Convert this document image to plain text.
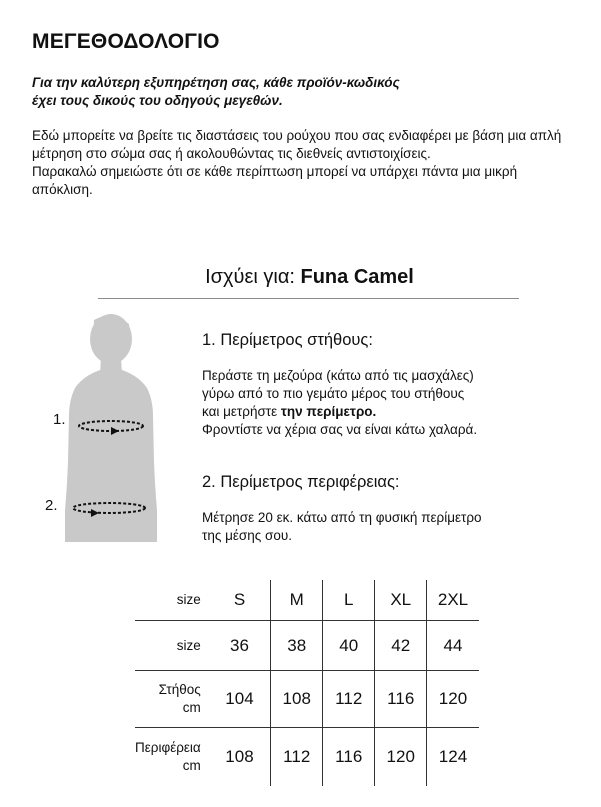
ΜΕΓΕΘΟΔΟΛΟΓΙΟ
Για την καλύτερη εξυπηρέτηση σας, κάθε προϊόν-κωδικός
έχει τους δικούς του οδηγούς μεγεθών.

Εδώ μπορείτε να βρείτε τις διαστάσεις του ρούχου που σας ενδιαφέρει με βάση μια απλή μέτρηση στο σώμα σας ή ακολουθώντας τις διεθνείς αντιστοιχίσεις.

Παρακαλώ σημειώστε ότι σε κάθε περίπτωση μπορεί να υπάρχει πάντα μια μικρή απόκλιση.

Ισχύει για: Funa Camel
1.
2.
1. Περίμετρος στήθους:
Περάστε τη μεζούρα (κάτω από τις μασχάλες)
γύρω από το πιο γεμάτο μέρος του στήθους
και μετρήστε την περίμετρο.
Φροντίστε να χέρια σας να είναι κάτω χαλαρά.
2. Περίμετρος περιφέρειας:
Μέτρησε 20 εκ. κάτω από τη φυσική περίμετρο
της μέσης σου.
size	S	M	L	XL	2XL
size	36	38	40	42	44

Στήθος
cm	104	108	112	116	120

Περιφέρεια
cm	108	112	116	120	124
